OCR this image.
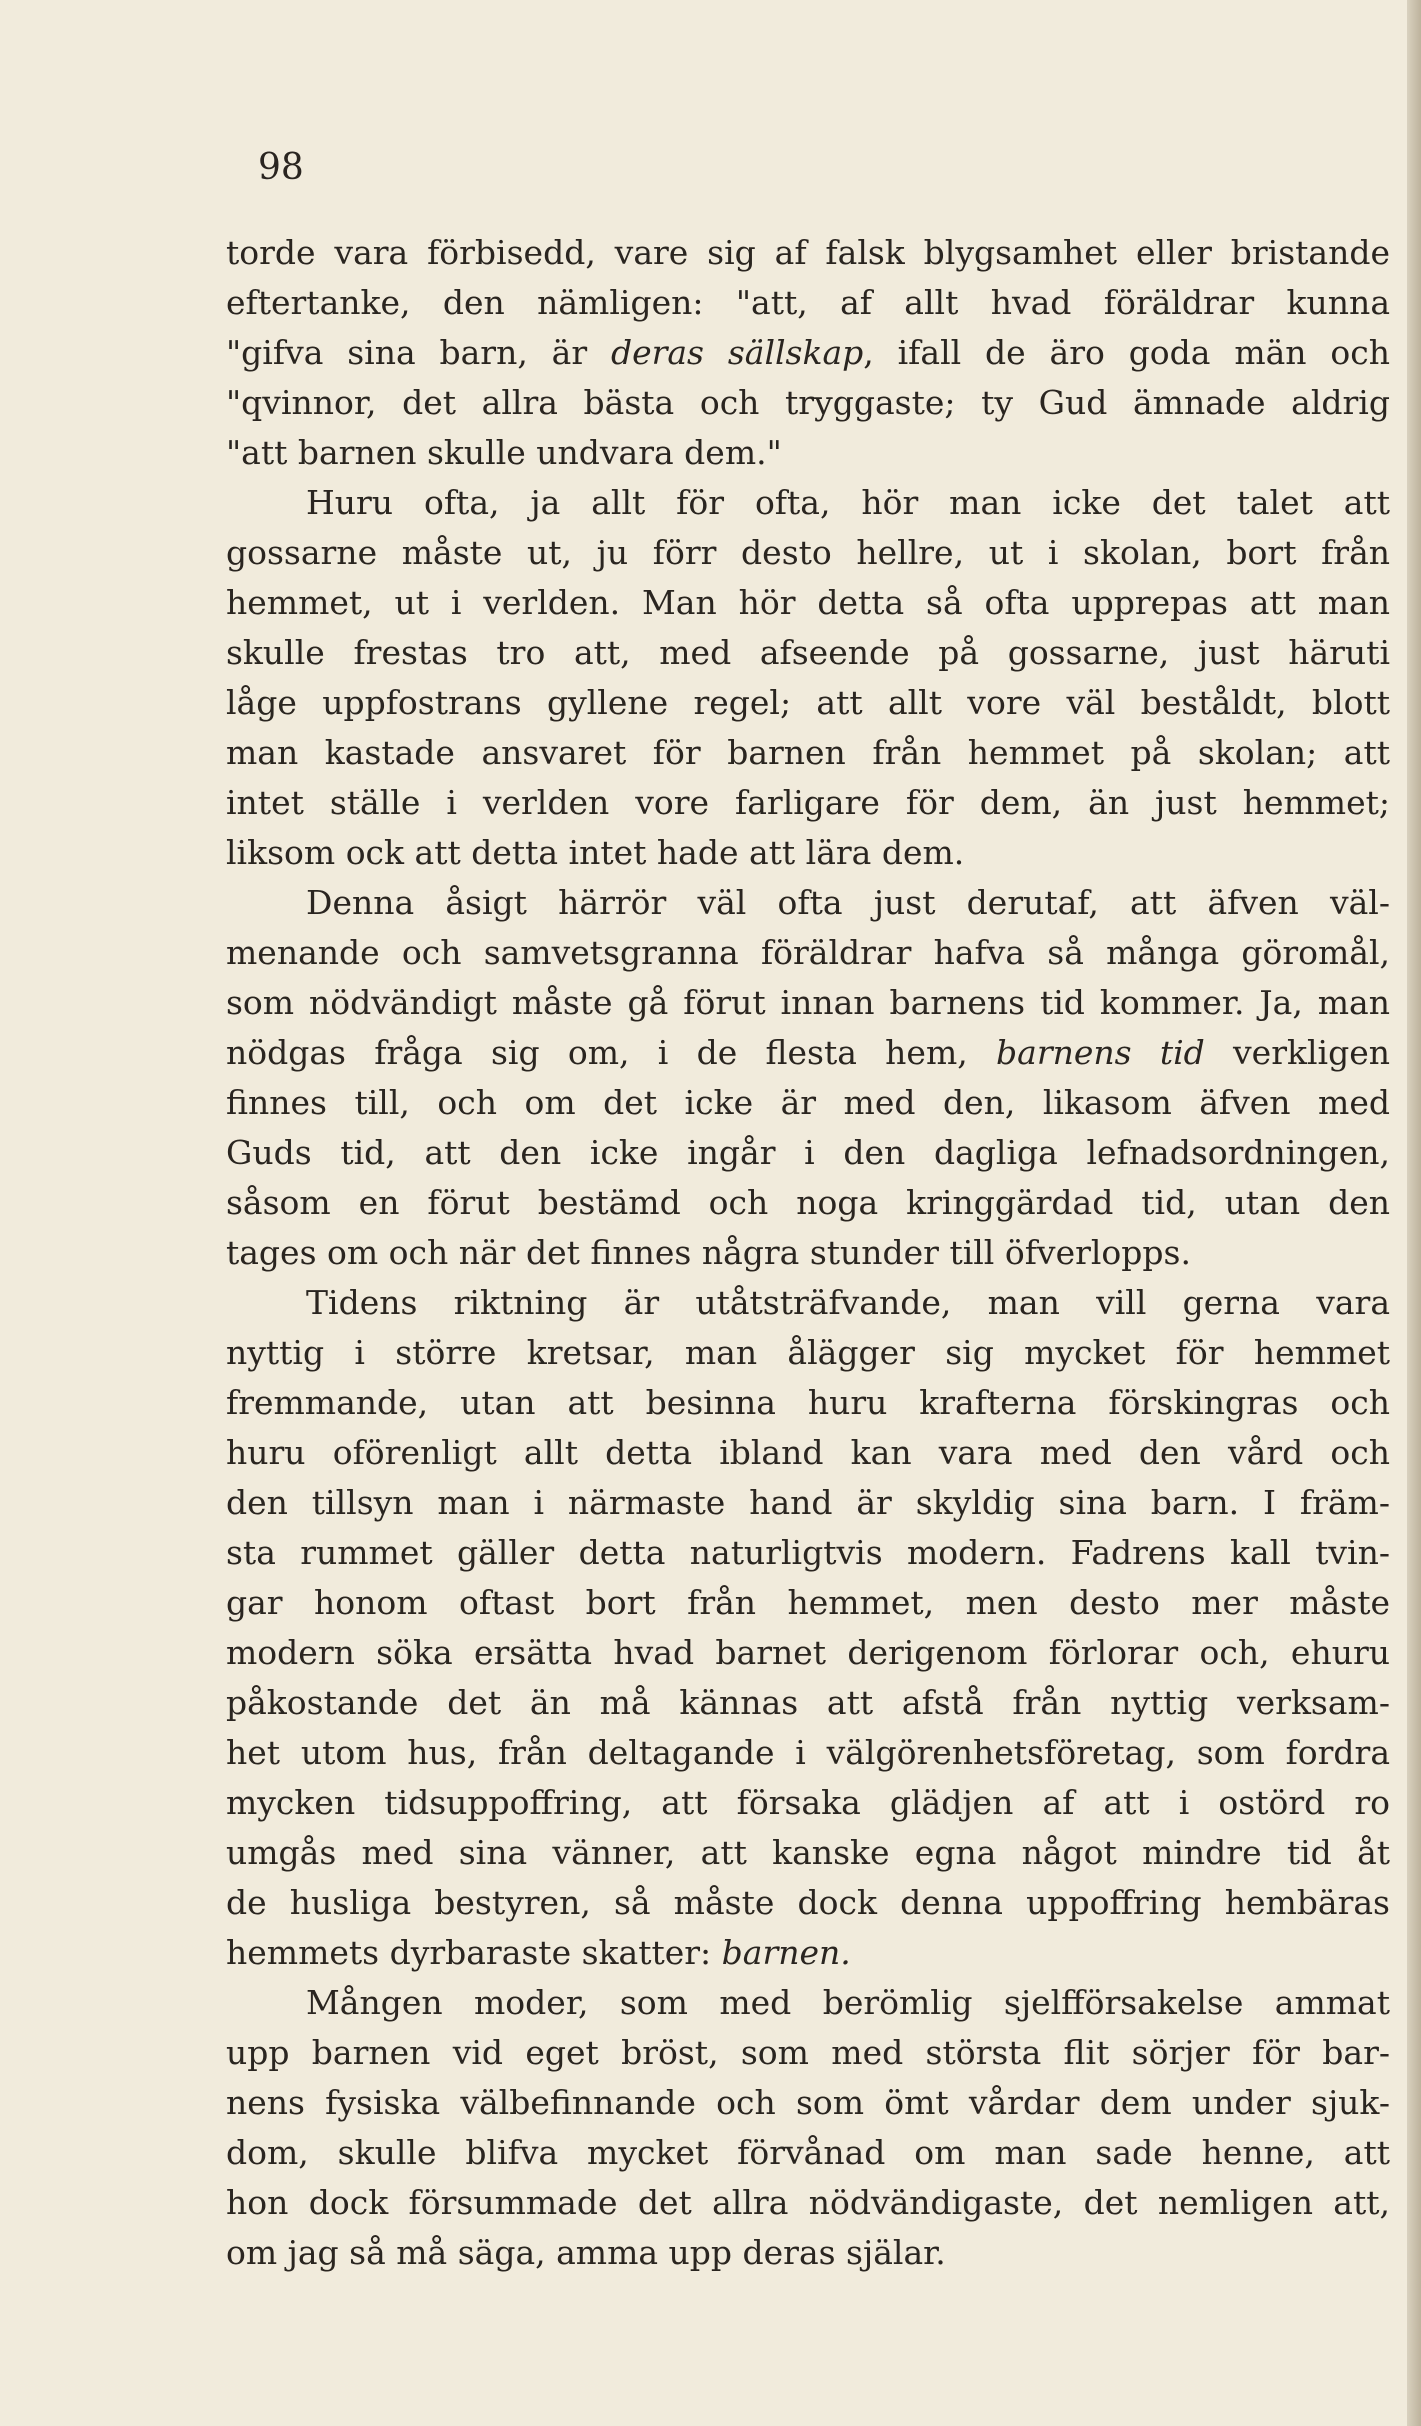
98
torde vara förbisedd, vare sig af falsk blygsamhet eller bristande
eftertanke, den nämligen: "att, af allt hvad föräldrar kunna
"gifva sina barn, är deras sällskap, ifall de äro goda män och
"qvinnor, det allra bästa och tryggaste; ty Gud ämnade aldrig
"att barnen skulle undvara dem."
Huru ofta, ja allt för ofta, hör man icke det talet att
gossarne måste ut, ju förr desto hellre, ut i skolan, bort från
hemmet, ut i verlden. Man hör detta så ofta upprepas att man
skulle frestas tro att, med afseende på gossarne, just häruti
låge uppfostrans gyllene regel; att allt vore väl beståldt, blott
man kastade ansvaret för barnen från hemmet på skolan; att
intet ställe i verlden vore farligare för dem, än just hemmet;
liksom ock att detta intet hade att lära dem.
Denna åsigt härrör väl ofta just derutaf, att äfven väl-
menande och samvetsgranna föräldrar hafva så många göromål,
som nödvändigt måste gå förut innan barnens tid kommer. Ja, man
nödgas fråga sig om, i de flesta hem, barnens tid verkligen
finnes till, och om det icke är med den, likasom äfven med
Guds tid, att den icke ingår i den dagliga lefnadsordningen,
såsom en förut bestämd och noga kringgärdad tid, utan den
tages om och när det finnes några stunder till öfverlopps.
Tidens riktning är utåtsträfvande, man vill gerna vara
nyttig i större kretsar, man ålägger sig mycket för hemmet
fremmande, utan att besinna huru krafterna förskingras och
huru oförenligt allt detta ibland kan vara med den vård och
den tillsyn man i närmaste hand är skyldig sina barn. I främ-
sta rummet gäller detta naturligtvis modern. Fadrens kall tvin-
gar honom oftast bort från hemmet, men desto mer måste
modern söka ersätta hvad barnet derigenom förlorar och, ehuru
påkostande det än må kännas att afstå från nyttig verksam-
het utom hus, från deltagande i välgörenhetsföretag, som fordra
mycken tidsuppoffring, att försaka glädjen af att i ostörd ro
umgås med sina vänner, att kanske egna något mindre tid åt
de husliga bestyren, så måste dock denna uppoffring hembäras
hemmets dyrbaraste skatter: barnen.
Mången moder, som med berömlig sjelfförsakelse ammat
upp barnen vid eget bröst, som med största flit sörjer för bar-
nens fysiska välbefinnande och som ömt vårdar dem under sjuk-
dom, skulle blifva mycket förvånad om man sade henne, att
hon dock försummade det allra nödvändigaste, det nemligen att,
om jag så må säga, amma upp deras själar.
